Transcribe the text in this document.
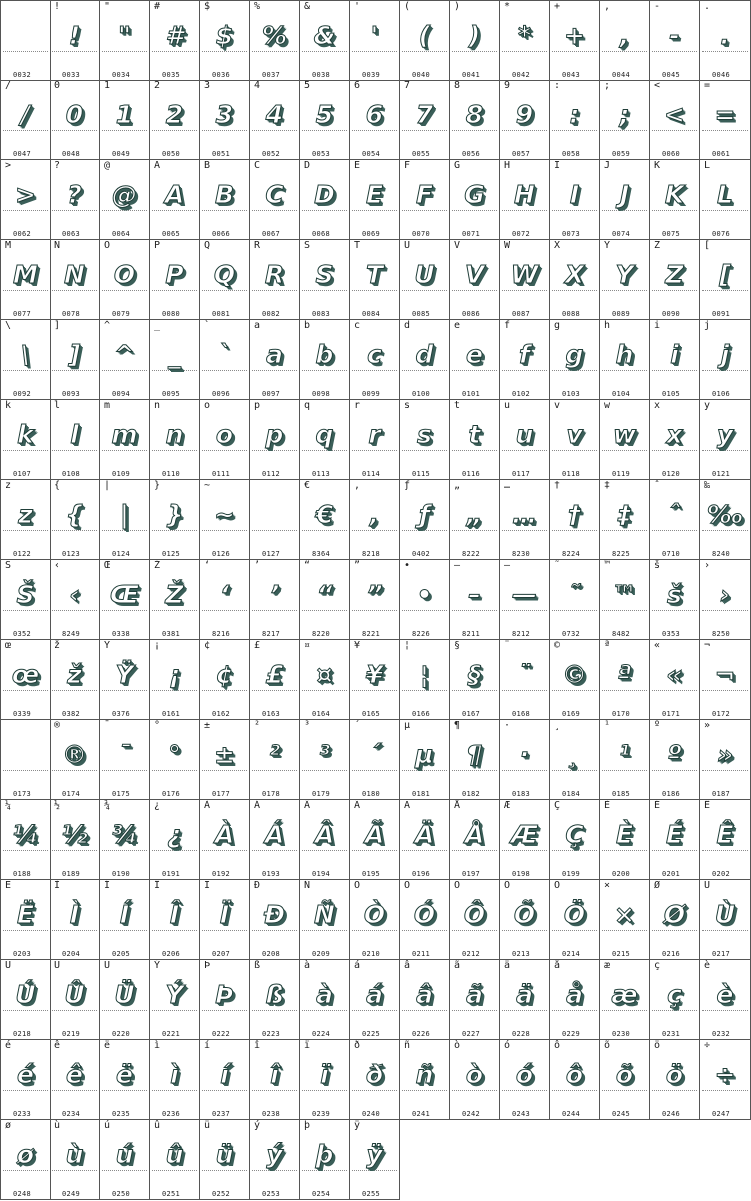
0032
!
!
0033
"
"
0034
#
#
0035
$
$
0036
%
%
0037
&
&
0038
'
'
0039
(
(
0040
)
)
0041
*
*
0042
+
+
0043
,
,
0044
-
-
0045
.
.
0046
/
/
0047
0
0
0048
1
1
0049
2
2
0050
3
3
0051
4
4
0052
5
5
0053
6
6
0054
7
7
0055
8
8
0056
9
9
0057
:
:
0058
;
;
0059
<
<
0060
=
=
0061
>
>
0062
?
?
0063
@
@
0064
A
A
0065
B
B
0066
C
C
0067
D
D
0068
E
E
0069
F
F
0070
G
G
0071
H
H
0072
I
I
0073
J
J
0074
K
K
0075
L
L
0076
M
M
0077
N
N
0078
O
O
0079
P
P
0080
Q
Q
0081
R
R
0082
S
S
0083
T
T
0084
U
U
0085
V
V
0086
W
W
0087
X
X
0088
Y
Y
0089
Z
Z
0090
[
[
0091
\
\
0092
]
]
0093
^
^
0094
_
_
0095
`
`
0096
a
a
0097
b
b
0098
c
c
0099
d
d
0100
e
e
0101
f
f
0102
g
g
0103
h
h
0104
i
i
0105
j
j
0106
k
k
0107
l
l
0108
m
m
0109
n
n
0110
o
o
0111
p
p
0112
q
q
0113
r
r
0114
s
s
0115
t
t
0116
u
u
0117
v
v
0118
w
w
0119
x
x
0120
y
y
0121
z
z
0122
{
{
0123
|
|
0124
}
}
0125
~
~
0126	0127
€
€
8364
‚
‚
8218
ƒ
ƒ
0402
„
„
8222
…
…
8230
†
†
8224
‡
‡
8225
ˆ
ˆ
0710
‰
‰
8240
Š
Š
0352
‹
‹
8249
Œ
Œ
0338
Ž
Ž
0381
‘
‘
8216
’
’
8217
“
“
8220
”
”
8221
•
•
8226
–
–
8211
—
—
8212
˜
˜
0732
™
™
8482
š
š
0353
›
›
8250
œ
œ
0339
ž
ž
0382
Ÿ
Ÿ
0376
¡
¡
0161
¢
¢
0162
£
£
0163
¤
¤
0164
¥
¥
0165
¦
¦
0166
§
§
0167
¨
¨
0168
©
©
0169
ª
ª
0170
«
«
0171
¬
¬
0172
0173
®
®
0174
¯
¯
0175
°
°
0176
±
±
0177
²
²
0178
³
³
0179
´
´
0180
µ
µ
0181
¶
¶
0182
·
·
0183
¸
¸
0184
¹
¹
0185
º
º
0186
»
»
0187
¼
¼
0188
½
½
0189
¾
¾
0190
¿
¿
0191
À
À
0192
Á
Á
0193
Â
Â
0194
Ã
Ã
0195
Ä
Ä
0196
Å
Å
0197
Æ
Æ
0198
Ç
Ç
0199
È
È
0200
É
É
0201
Ê
Ê
0202
Ë
Ë
0203
Ì
Ì
0204
Í
Í
0205
Î
Î
0206
Ï
Ï
0207
Ð
Ð
0208
Ñ
Ñ
0209
Ò
Ò
0210
Ó
Ó
0211
Ô
Ô
0212
Õ
Õ
0213
Ö
Ö
0214
×
×
0215
Ø
Ø
0216
Ù
Ù
0217
Ú
Ú
0218
Û
Û
0219
Ü
Ü
0220
Ý
Ý
0221
Þ
Þ
0222
ß
ß
0223
à
à
0224
á
á
0225
â
â
0226
ã
ã
0227
ä
ä
0228
å
å
0229
æ
æ
0230
ç
ç
0231
è
è
0232
é
é
0233
ê
ê
0234
ë
ë
0235
ì
ì
0236
í
í
0237
î
î
0238
ï
ï
0239
ð
ð
0240
ñ
ñ
0241
ò
ò
0242
ó
ó
0243
ô
ô
0244
õ
õ
0245
ö
ö
0246
÷
÷
0247
ø
ø
0248
ù
ù
0249
ú
ú
0250
û
û
0251
ü
ü
0252
ý
ý
0253
þ
þ
0254
ÿ
ÿ
0255
